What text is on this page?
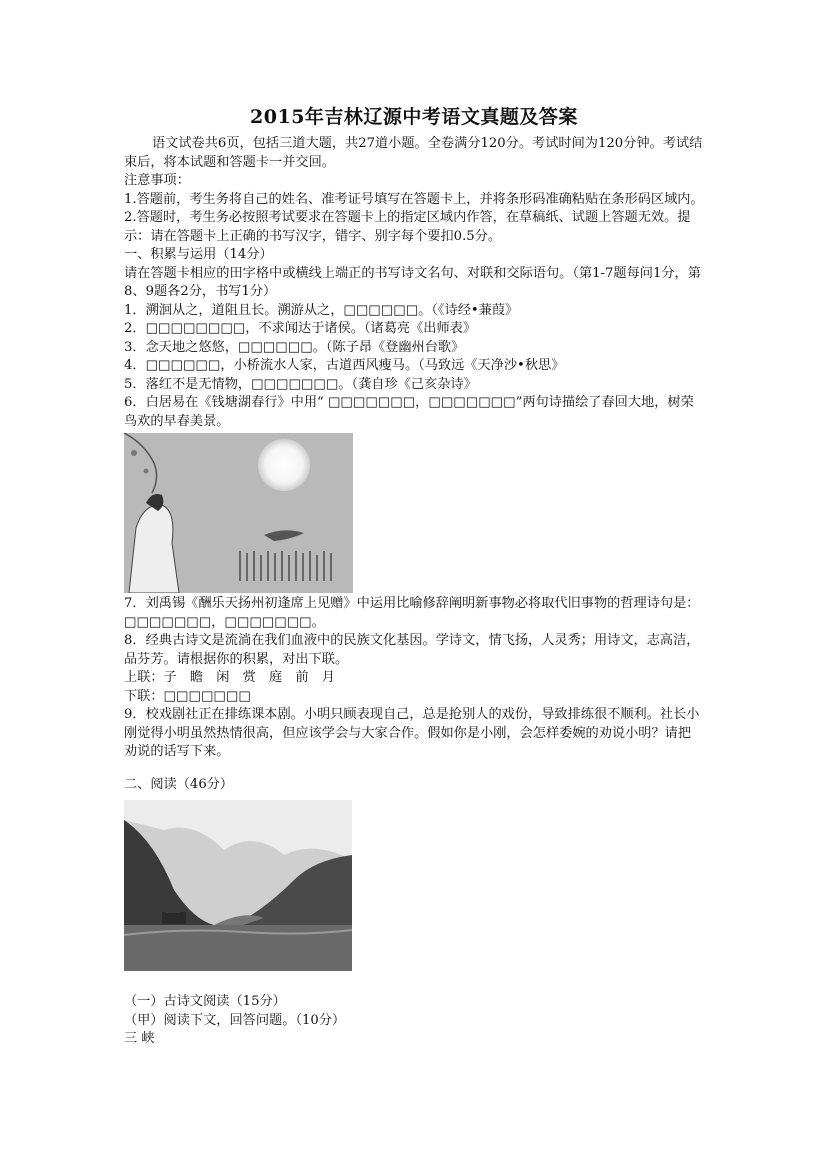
2015年吉林辽源中考语文真题及答案

语文试卷共6页，包括三道大题，共27道小题。全卷满分120分。考试时间为120分钟。考试结束后，将本试题和答题卡一并交回。

注意事项：

1.答题前，考生务将自己的姓名、准考证号填写在答题卡上，并将条形码准确粘贴在条形码区域内。

2.答题时，考生务必按照考试要求在答题卡上的指定区域内作答，在草稿纸、试题上答题无效。提示：请在答题卡上正确的书写汉字，错字、别字每个要扣0.5分。

一、积累与运用（14分）

请在答题卡相应的田字格中或横线上端正的书写诗文名句、对联和交际语句。（第1-7题每问1分，第8、9题各2分，书写1分）

1．溯洄从之，道阻且长。溯游从之，□□□□□□。（《诗经•蒹葭》

2．□□□□□□□□，不求闻达于诸侯。（诸葛亮《出师表》

3．念天地之悠悠，□□□□□□。（陈子昂《登幽州台歌》

4．□□□□□□，小桥流水人家，古道西风瘦马。（马致远《天净沙•秋思》

5．落红不是无情物，□□□□□□□。（龚自珍《己亥杂诗》

6．白居易在《钱塘湖春行》中用“ □□□□□□□，□□□□□□□”两句诗描绘了春回大地，树荣鸟欢的早春美景。

7．刘禹锡《酬乐天扬州初逢席上见赠》中运用比喻修辞阐明新事物必将取代旧事物的哲理诗句是：□□□□□□□，□□□□□□□。

8．经典古诗文是流淌在我们血液中的民族文化基因。学诗文，情飞扬，人灵秀；用诗文，志高洁，品芬芳。请根据你的积累，对出下联。

上联：子　瞻　闲　赏　庭　前　月

下联：□□□□□□□

9．校戏剧社正在排练课本剧。小明只顾表现自己，总是抢别人的戏份，导致排练很不顺利。社长小刚觉得小明虽然热情很高，但应该学会与大家合作。假如你是小刚，会怎样委婉的劝说小明？请把劝说的话写下来。

二、阅读（46分）

（一）古诗文阅读（15分）

（甲）阅读下文，回答问题。（10分）

三 峡
